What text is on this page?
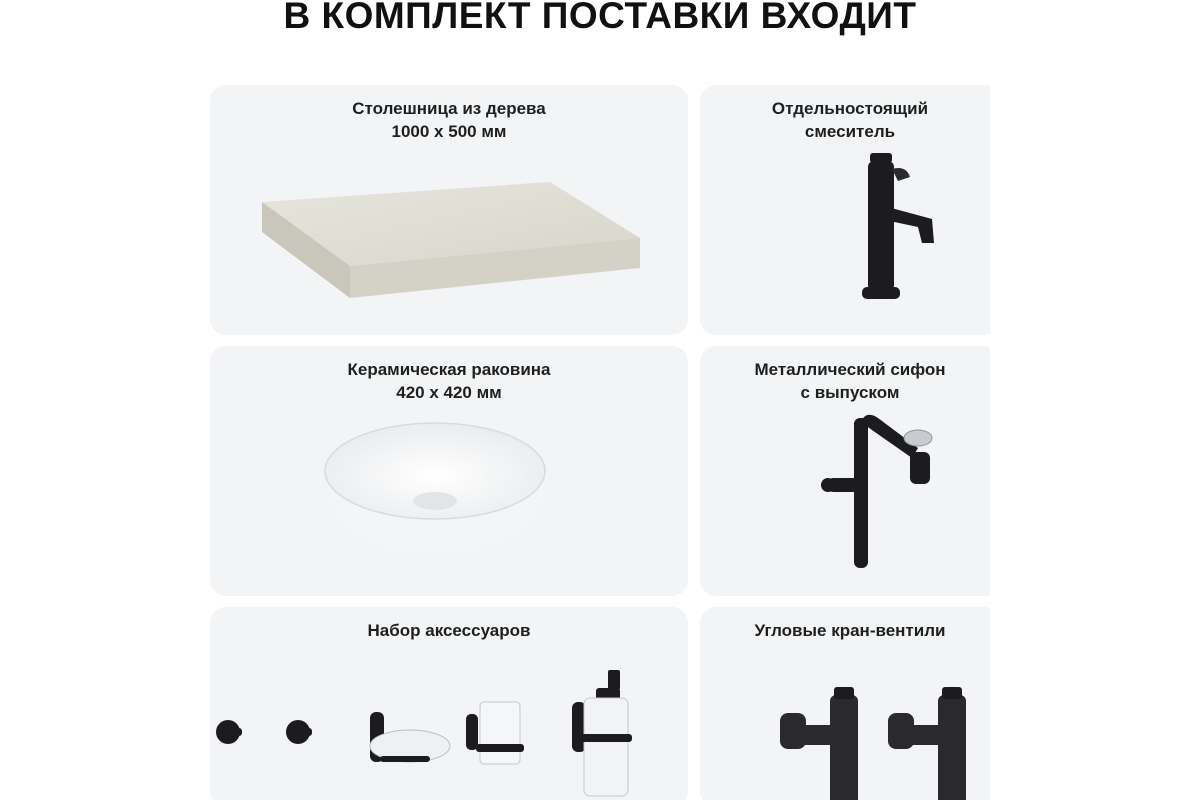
В КОМПЛЕКТ ПОСТАВКИ ВХОДИТ
Столешница из дерева
1000 x 500 мм
Отдельностоящий
смеситель
Керамическая раковина
420 x 420 мм
Металлический сифон
с выпуском
Набор аксессуаров	Угловые кран-вентили
